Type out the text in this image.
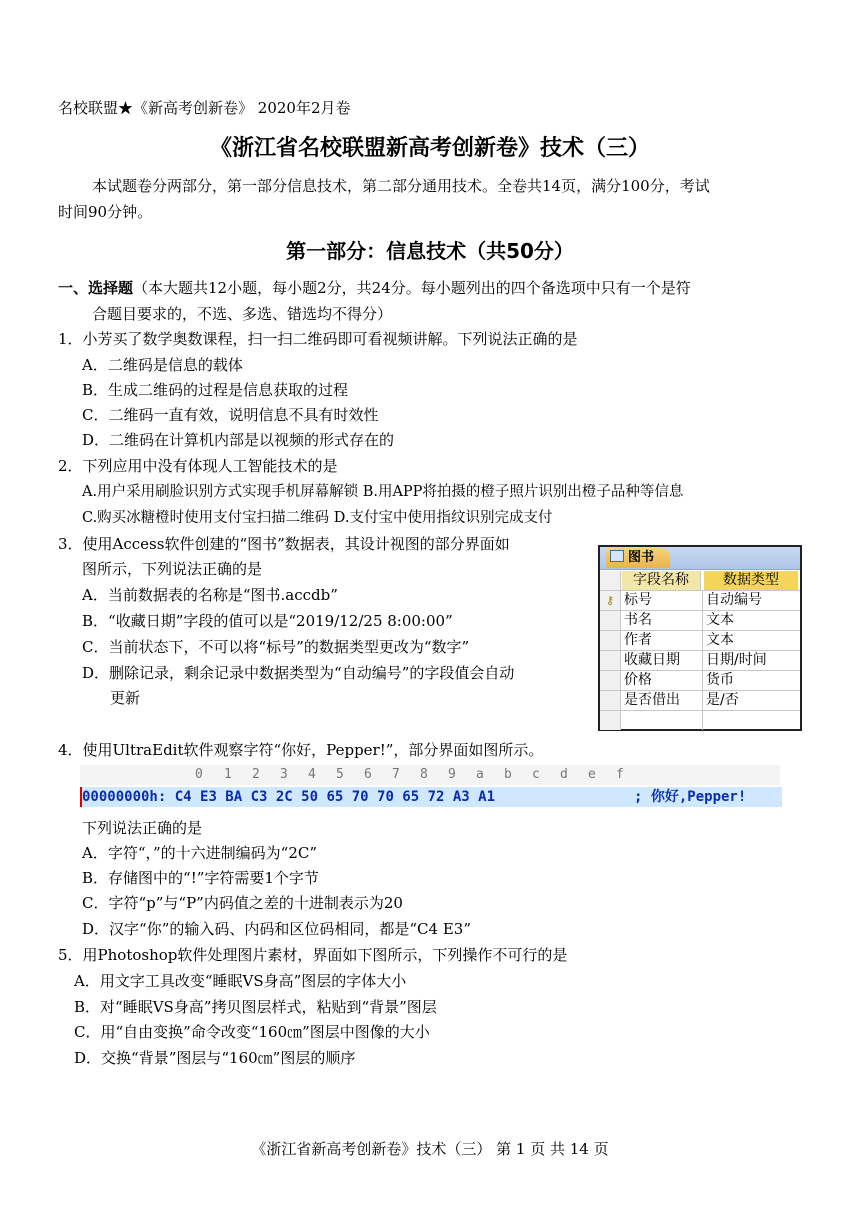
名校联盟★《新高考创新卷》 2020年2月卷
《浙江省名校联盟新高考创新卷》技术（三）
本试题卷分两部分，第一部分信息技术，第二部分通用技术。全卷共14页，满分100分，考试
时间90分钟。
第一部分：信息技术（共50分）
一、选择题（本大题共12小题，每小题2分，共24分。每小题列出的四个备选项中只有一个是符
合题目要求的，不选、多选、错选均不得分）
1．小芳买了数学奥数课程，扫一扫二维码即可看视频讲解。下列说法正确的是
A．二维码是信息的载体
B．生成二维码的过程是信息获取的过程
C．二维码一直有效，说明信息不具有时效性
D．二维码在计算机内部是以视频的形式存在的
2．下列应用中没有体现人工智能技术的是
A.用户采用刷脸识别方式实现手机屏幕解锁 B.用APP将拍摄的橙子照片识别出橙子品种等信息
C.购买冰糖橙时使用支付宝扫描二维码 D.支付宝中使用指纹识别完成支付
3．使用Access软件创建的“图书”数据表，其设计视图的部分界面如
图所示，下列说法正确的是
A．当前数据表的名称是“图书.accdb”
B．“收藏日期”字段的值可以是“2019/12/25 8:00:00”
C．当前状态下，不可以将“标号”的数据类型更改为“数字”
D．删除记录，剩余记录中数据类型为“自动编号”的字段值会自动
更新
图书
字段名称	数据类型
⚷ 标号	自动编号
书名	文本
作者	文本
收藏日期	日期/时间
价格	货币
是否借出	是/否
4．使用UltraEdit软件观察字符“你好，Pepper!”，部分界面如图所示。

0

1

2

3

4

5

6

7

8

9

a

b

c

d

e

f

00000000h: C4 E3 BA C3 2C 50 65 70 70 65 72 A3 A1	; 你好,Pepper!
下列说法正确的是
A．字符“，”的十六进制编码为“2C”
B．存储图中的“!”字符需要1个字节
C．字符“p”与“P”内码值之差的十进制表示为20
D．汉字“你”的输入码、内码和区位码相同，都是“C4 E3”
5．用Photoshop软件处理图片素材，界面如下图所示，下列操作不可行的是
A．用文字工具改变“睡眠VS身高”图层的字体大小
B．对“睡眠VS身高”拷贝图层样式，粘贴到“背景”图层
C．用“自由变换”命令改变“160㎝”图层中图像的大小
D．交换“背景”图层与“160㎝”图层的顺序
《浙江省新高考创新卷》技术（三） 第 1 页 共 14 页
